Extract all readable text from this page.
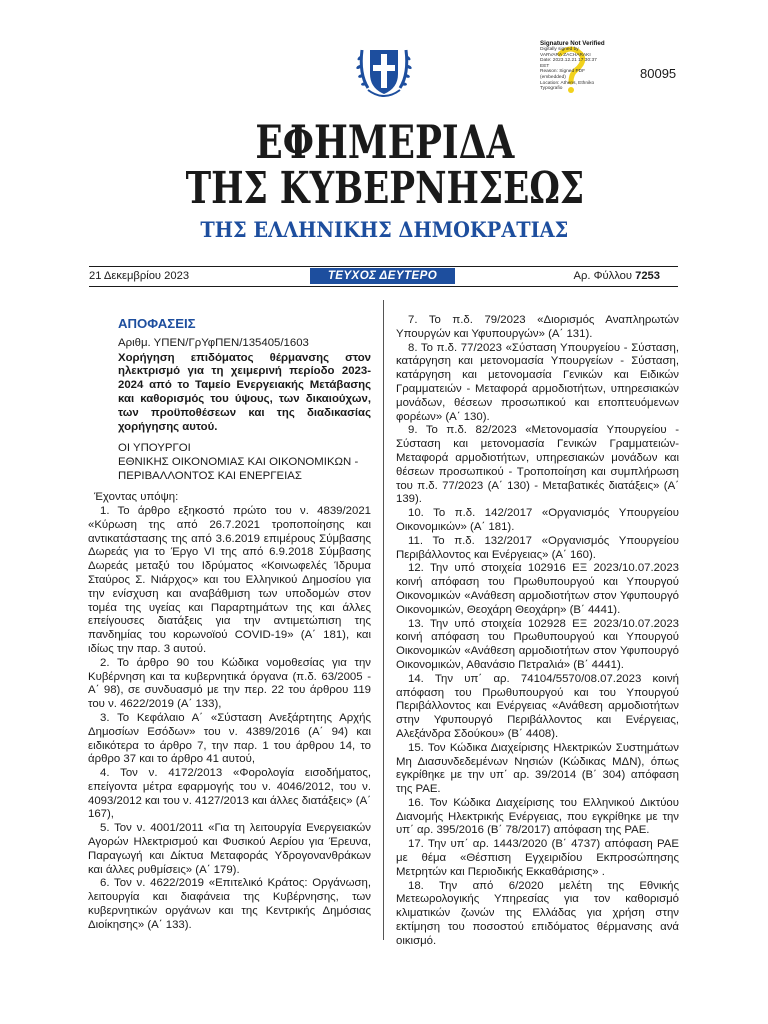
Signature Not Verified
Digitally signed by
VARVARA ZACHARAKI
Date: 2023.12.21 17:30:37
EET
Reason: Signed PDF
(embedded)
Location: Athens, Ethniko
Typografio
80095
ΕΦΗΜΕΡΙΔΑ
ΤΗΣ ΚΥΒΕΡΝΗΣΕΩΣ
ΤΗΣ ΕΛΛΗΝΙΚΗΣ ΔΗΜΟΚΡΑΤΙΑΣ
21 Δεκεμβρίου 2023	ΤΕΥΧΟΣ ΔΕΥΤΕΡΟ	Αρ. Φύλλου 7253

ΑΠΟΦΑΣΕΙΣ

Αριθμ. ΥΠΕΝ/ΓρΥφΠΕΝ/135405/1603

Χορήγηση επιδόματος θέρμανσης στον ηλεκτρισμό για τη χειμερινή περίοδο 2023-2024 από το Ταμείο Ενεργειακής Μετάβασης και καθορισμός του ύψους, των δικαιούχων, των προϋποθέσεων και της διαδικασίας χορήγησης αυτού.

ΟΙ ΥΠΟΥΡΓΟΙ
ΕΘΝΙΚΗΣ ΟΙΚΟΝΟΜΙΑΣ ΚΑΙ ΟΙΚΟΝΟΜΙΚΩΝ -
ΠΕΡΙΒΑΛΛΟΝΤΟΣ ΚΑΙ ΕΝΕΡΓΕΙΑΣ

Έχοντας υπόψη:

1. Το άρθρο εξηκοστό πρώτο του ν. 4839/2021 «Κύρωση της από 26.7.2021 τροποποίησης και αντικατάστασης της από 3.6.2019 επιμέρους Σύμβασης Δωρεάς για το Έργο VI της από 6.9.2018 Σύμβασης Δωρεάς μεταξύ του Ιδρύματος «Κοινωφελές Ίδρυμα Σταύρος Σ. Νιάρχος» και του Ελληνικού Δημοσίου για την ενίσχυση και αναβάθμιση των υποδομών στον τομέα της υγείας και Παραρτημάτων της και άλλες επείγουσες διατάξεις για την αντιμετώπιση της πανδημίας του κορωνοϊού COVID-19» (Α΄ 181), και ιδίως την παρ. 3 αυτού.

2. Το άρθρο 90 του Κώδικα νομοθεσίας για την Κυβέρνηση και τα κυβερνητικά όργανα (π.δ. 63/2005 - Α΄ 98), σε συνδυασμό με την περ. 22 του άρθρου 119 του ν. 4622/2019 (Α΄ 133),

3. Το Κεφάλαιο Α΄ «Σύσταση Ανεξάρτητης Αρχής Δημοσίων Εσόδων» του ν. 4389/2016 (Α΄ 94) και ειδικότερα το άρθρο 7, την παρ. 1 του άρθρου 14, το άρθρο 37 και το άρθρο 41 αυτού,

4. Τον ν. 4172/2013 «Φορολογία εισοδήματος, επείγοντα μέτρα εφαρμογής του ν. 4046/2012, του ν. 4093/2012 και του ν. 4127/2013 και άλλες διατάξεις» (Α΄ 167),

5. Τον ν. 4001/2011 «Για τη λειτουργία Ενεργειακών Αγορών Ηλεκτρισμού και Φυσικού Αερίου για Έρευνα, Παραγωγή και Δίκτυα Μεταφοράς Υδρογονανθράκων και άλλες ρυθμίσεις» (Α΄ 179).

6. Τον ν. 4622/2019 «Επιτελικό Κράτος: Οργάνωση, λειτουργία και διαφάνεια της Κυβέρνησης, των κυβερνητικών οργάνων και της Κεντρικής Δημόσιας Διοίκησης» (Α΄ 133).

7. Το π.δ. 79/2023 «Διορισμός Αναπληρωτών Υπουργών και Υφυπουργών» (Α΄ 131).

8. Το π.δ. 77/2023 «Σύσταση Υπουργείου - Σύσταση, κατάργηση και μετονομασία Υπουργείων - Σύσταση, κατάργηση και μετονομασία Γενικών και Ειδικών Γραμματειών - Μεταφορά αρμοδιοτήτων, υπηρεσιακών μονάδων, θέσεων προσωπικού και εποπτευόμενων φορέων» (Α΄ 130).

9. Το π.δ. 82/2023 «Μετονομασία Υπουργείου - Σύσταση και μετονομασία Γενικών Γραμματειών- Μεταφορά αρμοδιοτήτων, υπηρεσιακών μονάδων και θέσεων προσωπικού - Τροποποίηση και συμπλήρωση του π.δ. 77/2023 (Α΄ 130) - Μεταβατικές διατάξεις» (Α΄ 139).

10. Το π.δ. 142/2017 «Οργανισμός Υπουργείου Οικονομικών» (Α΄ 181).

11. Το π.δ. 132/2017 «Οργανισμός Υπουργείου Περιβάλλοντος και Ενέργειας» (Α΄ 160).

12. Την υπό στοιχεία 102916 ΕΞ 2023/10.07.2023 κοινή απόφαση του Πρωθυπουργού και Υπουργού Οικονομικών «Ανάθεση αρμοδιοτήτων στον Υφυπουργό Οικονομικών, Θεοχάρη Θεοχάρη» (Β΄ 4441).

13. Την υπό στοιχεία 102928 ΕΞ 2023/10.07.2023 κοινή απόφαση του Πρωθυπουργού και Υπουργού Οικονομικών «Ανάθεση αρμοδιοτήτων στον Υφυπουργό Οικονομικών, Αθανάσιο Πετραλιά» (Β΄ 4441).

14. Την υπ΄ αρ. 74104/5570/08.07.2023 κοινή απόφαση του Πρωθυπουργού και του Υπουργού Περιβάλλοντος και Ενέργειας «Ανάθεση αρμοδιοτήτων στην Υφυπουργό Περιβάλλοντος και Ενέργειας, Αλεξάνδρα Σδούκου» (Β΄ 4408).

15. Τον Κώδικα Διαχείρισης Ηλεκτρικών Συστημάτων Μη Διασυνδεδεμένων Νησιών (Κώδικας ΜΔΝ), όπως εγκρίθηκε με την υπ΄ αρ. 39/2014 (Β΄ 304) απόφαση της ΡΑΕ.

16. Τον Κώδικα Διαχείρισης του Ελληνικού Δικτύου Διανομής Ηλεκτρικής Ενέργειας, που εγκρίθηκε με την υπ΄ αρ. 395/2016 (Β΄ 78/2017) απόφαση της ΡΑΕ.

17. Την υπ΄ αρ. 1443/2020 (Β΄ 4737) απόφαση ΡΑΕ με θέμα «Θέσπιση Εγχειριδίου Εκπροσώπησης Μετρητών και Περιοδικής Εκκαθάρισης» .

18. Την από 6/2020 μελέτη της Εθνικής Μετεωρολογικής Υπηρεσίας για τον καθορισμό κλιματικών ζωνών της Ελλάδας για χρήση στην εκτίμηση του ποσοστού επιδόματος θέρμανσης ανά οικισμό.
